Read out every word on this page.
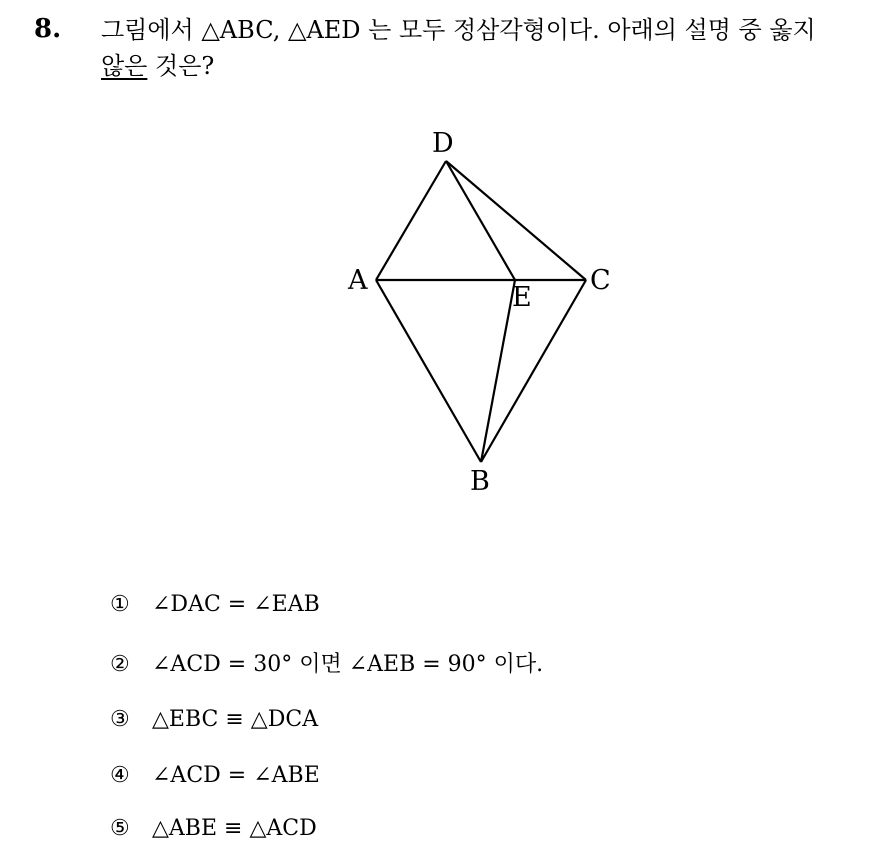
8. 그림에서 △ABC, △AED 는 모두 정삼각형이다. 아래의 설명 중 옳지
않은 것은?
D
A	C
E
B
① ∠DAC = ∠EAB
② ∠ACD = 30° 이면 ∠AEB = 90° 이다.
③ △EBC ≡ △DCA
④ ∠ACD = ∠ABE
⑤ △ABE ≡ △ACD
